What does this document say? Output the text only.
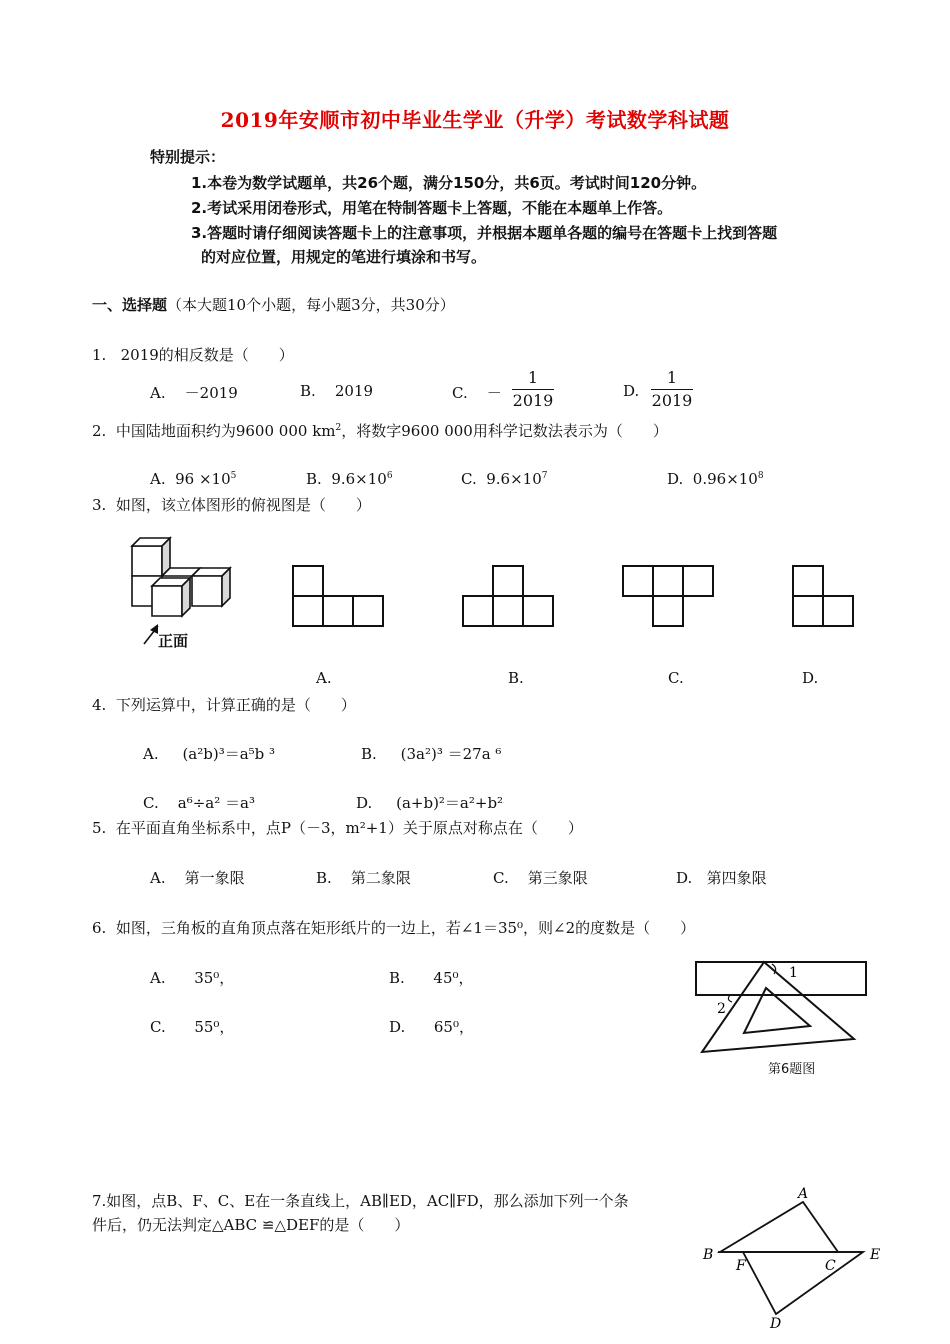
2019年安顺市初中毕业生学业（升学）考试数学科试题
特别提示：
1.本卷为数学试题单，共26个题，满分150分，共6页。考试时间120分钟。
2.考试采用闭卷形式，用笔在特制答题卡上答题，不能在本题单上作答。
3.答题时请仔细阅读答题卡上的注意事项，并根据本题单各题的编号在答题卡上找到答题
的对应位置，用规定的笔进行填涂和书写。
一、选择题（本大题10个小题，每小题3分，共30分）
1.   2019的相反数是（　　）
A.    －2019	B.    2019	C.    －
1
2019	D.
1
2019
2.  中国陆地面积约为9600 000 $km^2$，将数字9600 000用科学记数法表示为（　　）
A.  $96 \times 10^5$	B.  $9.6\times 10^6$	C.  $9.6\times 10^7$	D.  $0.96\times 10^8$
3.  如图，该立体图形的俯视图是（　　）
正面
A.	B.	C.	D.
4.  下列运算中，计算正确的是（　　）
A.     (a²b)³＝a⁵b ³	B.     (3a²)³ ＝27a ⁶
C.    a⁶÷a² ＝a³	D.     (a+b)²＝a²+b²
5.  在平面直角坐标系中，点P（－3，m²+1）关于原点对称点在（　　）
A.    第一象限	B.    第二象限	C.    第三象限	D.   第四象限
6.  如图，三角板的直角顶点落在矩形纸片的一边上，若∠1＝35⁰，则∠2的度数是（　　）
A.      35⁰，	B.      45⁰，
C.      55⁰，	D.      65⁰，
1
2
第6题图
7.如图，点B、F、C、E在一条直线上，AB∥ED，AC∥FD，那么添加下列一个条
件后，仍无法判定△ABC ≌△DEF的是（　　）
A
B
F	C
E
D
